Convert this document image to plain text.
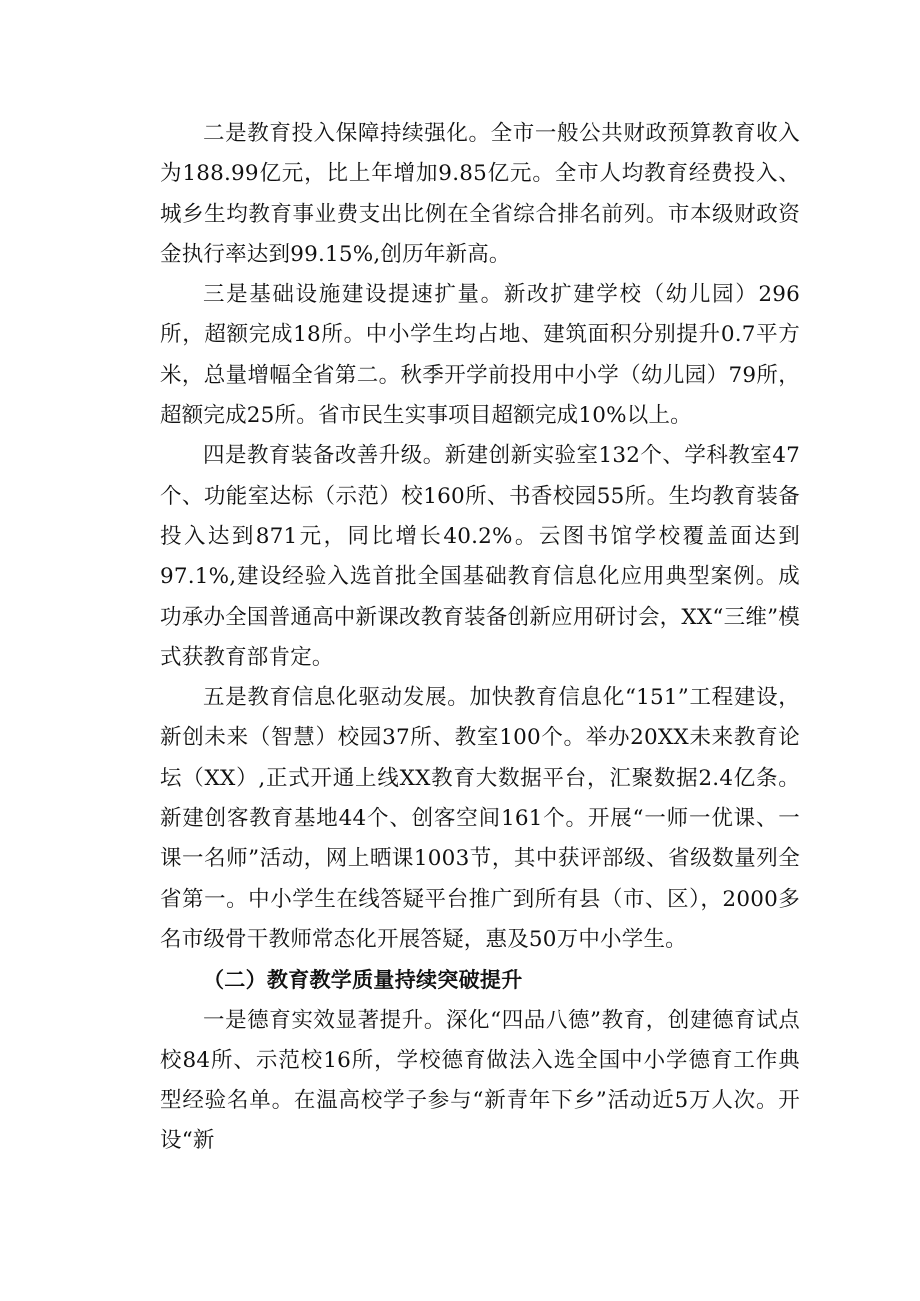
二是教育投入保障持续强化。全市一般公共财政预算教育收入为188.99亿元，比上年增加9.85亿元。全市人均教育经费投入、城乡生均教育事业费支出比例在全省综合排名前列。市本级财政资金执行率达到99.15%,创历年新高。

三是基础设施建设提速扩量。新改扩建学校（幼儿园）296所，超额完成18所。中小学生均占地、建筑面积分别提升0.7平方米，总量增幅全省第二。秋季开学前投用中小学（幼儿园）79所，超额完成25所。省市民生实事项目超额完成10%以上。

四是教育装备改善升级。新建创新实验室132个、学科教室47个、功能室达标（示范）校160所、书香校园55所。生均教育装备投入达到871元，同比增长40.2%。云图书馆学校覆盖面达到97.1%,建设经验入选首批全国基础教育信息化应用典型案例。成功承办全国普通高中新课改教育装备创新应用研讨会，XX“三维”模式获教育部肯定。

五是教育信息化驱动发展。加快教育信息化“151”工程建设，新创未来（智慧）校园37所、教室100个。举办20XX未来教育论坛（XX）,正式开通上线XX教育大数据平台，汇聚数据2.4亿条。新建创客教育基地44个、创客空间161个。开展“一师一优课、一课一名师”活动，网上晒课1003节，其中获评部级、省级数量列全省第一。中小学生在线答疑平台推广到所有县（市、区），2000多名市级骨干教师常态化开展答疑，惠及50万中小学生。

（二）教育教学质量持续突破提升

一是德育实效显著提升。深化“四品八德”教育，创建德育试点校84所、示范校16所，学校德育做法入选全国中小学德育工作典型经验名单。在温高校学子参与“新青年下乡”活动近5万人次。开设“新
